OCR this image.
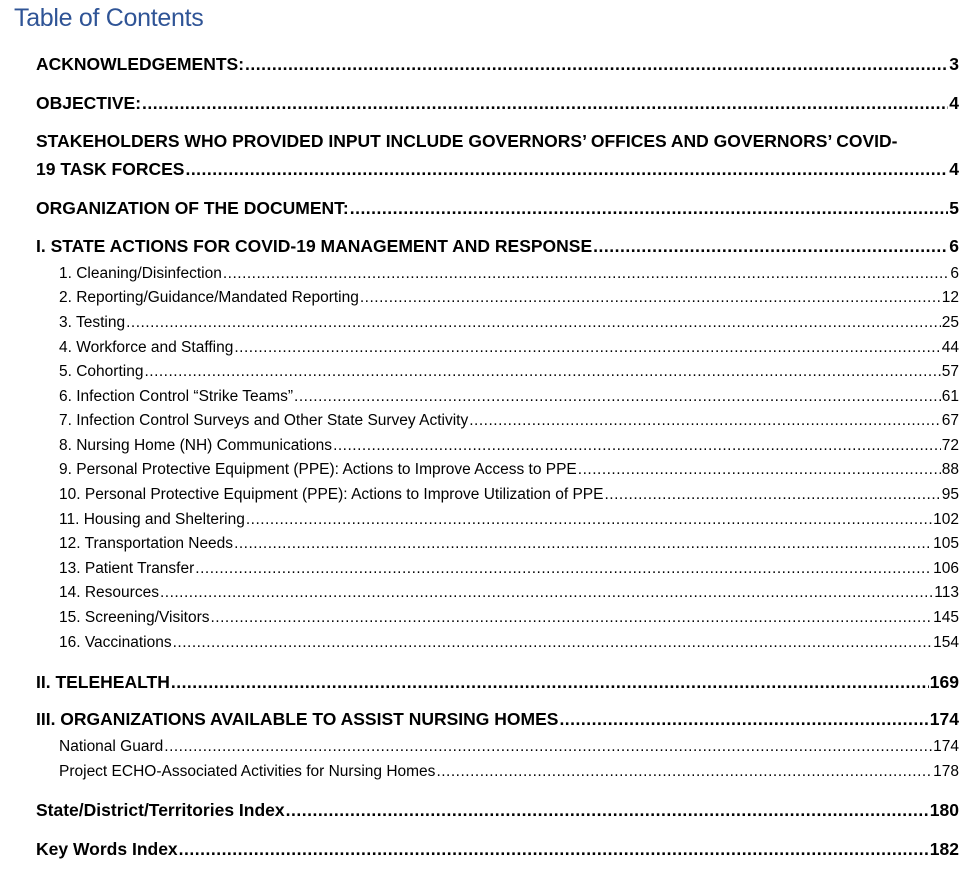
Table of Contents
ACKNOWLEDGEMENTS: .....	3
OBJECTIVE: .....	4
STAKEHOLDERS WHO PROVIDED INPUT INCLUDE GOVERNORS’ OFFICES AND GOVERNORS’ COVID-
19 TASK FORCES .....	4
ORGANIZATION OF THE DOCUMENT: .....	5
I. STATE ACTIONS FOR COVID-19 MANAGEMENT AND RESPONSE .....	6
1. Cleaning/Disinfection .....	6
2. Reporting/Guidance/Mandated Reporting .....	12
3. Testing .....	25
4. Workforce and Staffing .....	44
5. Cohorting .....	57
6. Infection Control “Strike Teams” .....	61
7. Infection Control Surveys and Other State Survey Activity .....	67
8. Nursing Home (NH) Communications .....	72
9. Personal Protective Equipment (PPE): Actions to Improve Access to PPE .....	88
10. Personal Protective Equipment (PPE): Actions to Improve Utilization of PPE .....	95
11. Housing and Sheltering .....	102
12. Transportation Needs .....	105
13. Patient Transfer .....	106
14. Resources .....	113
15. Screening/Visitors .....	145
16. Vaccinations .....	154
II. TELEHEALTH .....	169
III. ORGANIZATIONS AVAILABLE TO ASSIST NURSING HOMES .....	174
National Guard .....	174
Project ECHO-Associated Activities for Nursing Homes .....	178
State/District/Territories Index .....	180
Key Words Index .....	182
